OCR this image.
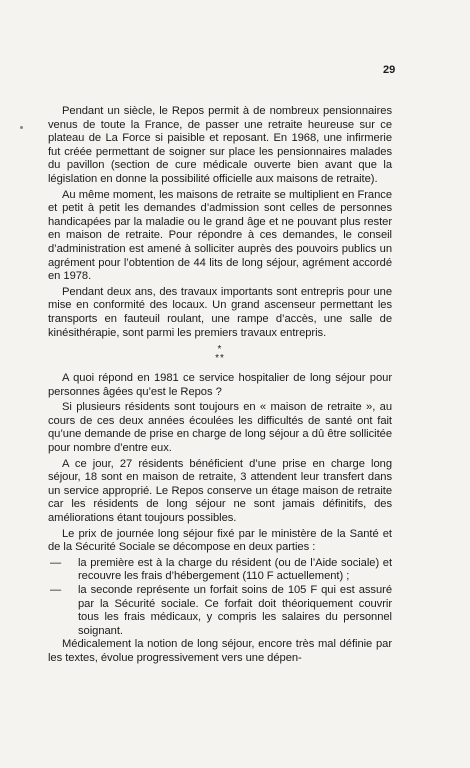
29

Pendant un siècle, le Repos permit à de nombreux pensionnaires venus de toute la France, de passer une retraite heureuse sur ce plateau de La Force si paisible et reposant. En 1968, une infirmerie fut créée permettant de soigner sur place les pensionnaires malades du pavillon (section de cure médicale ouverte bien avant que la législation en donne la possibilité officielle aux maisons de retraite).

Au même moment, les maisons de retraite se multiplient en France et petit à petit les demandes d’admission sont celles de personnes handicapées par la maladie ou le grand âge et ne pouvant plus rester en maison de retraite. Pour répondre à ces demandes, le conseil d’administration est amené à solliciter auprès des pouvoirs publics un agrément pour l’obtention de 44 lits de long séjour, agrément accordé en 1978.

Pendant deux ans, des travaux importants sont entrepris pour une mise en conformité des locaux. Un grand ascenseur permettant les transports en fauteuil roulant, une rampe d’accès, une salle de kinésithérapie, sont parmi les premiers travaux entrepris.

*
**

A quoi répond en 1981 ce service hospitalier de long séjour pour personnes âgées qu’est le Repos ?

Si plusieurs résidents sont toujours en « maison de retraite », au cours de ces deux années écoulées les difficultés de santé ont fait qu’une demande de prise en charge de long séjour a dû être sollicitée pour nombre d’entre eux.

A ce jour, 27 résidents bénéficient d’une prise en charge long séjour, 18 sont en maison de retraite, 3 attendent leur transfert dans un service approprié. Le Repos conserve un étage maison de retraite car les résidents de long séjour ne sont jamais définitifs, des améliorations étant toujours possibles.

Le prix de journée long séjour fixé par le ministère de la Santé et de la Sécurité Sociale se décompose en deux parties :

—	la première est à la charge du résident (ou de l’Aide sociale) et recouvre les frais d’hébergement (110 F actuellement) ;
—	la seconde représente un forfait soins de 105 F qui est assuré par la Sécurité sociale. Ce forfait doit théoriquement couvrir tous les frais médicaux, y compris les salaires du personnel soignant.

Médicalement la notion de long séjour, encore très mal définie par les textes, évolue progressivement vers une dépen-
